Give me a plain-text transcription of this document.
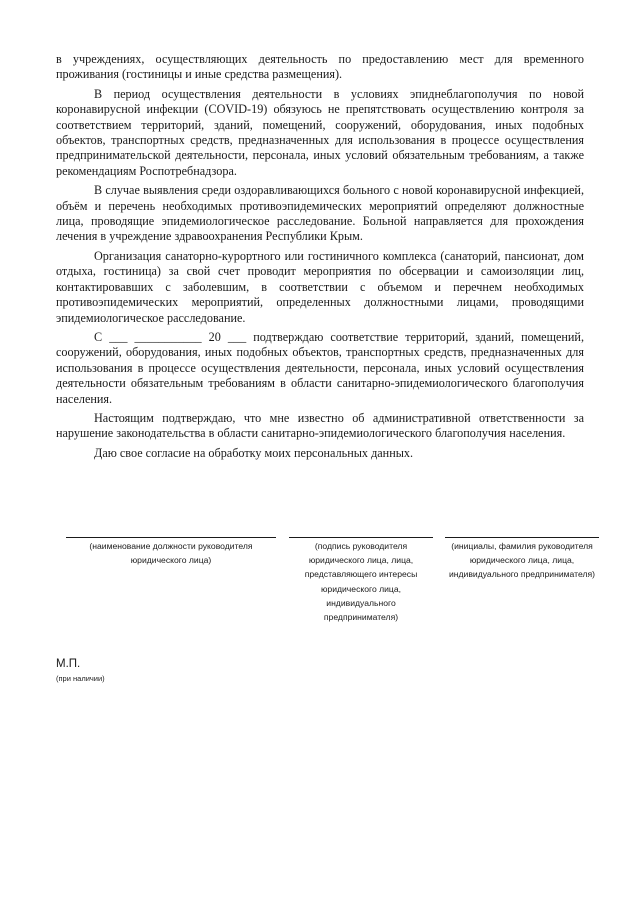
в учреждениях, осуществляющих деятельность по предоставлению мест для временного проживания (гостиницы и иные средства размещения).

В период осуществления деятельности в условиях эпиднеблагополучия по новой коронавирусной инфекции (COVID-19) обязуюсь не препятствовать осуществлению контроля за соответствием территорий, зданий, помещений, сооружений, оборудования, иных подобных объектов, транспортных средств, предназначенных для использования в процессе осуществления предпринимательской деятельности, персонала, иных условий обязательным требованиям, а также рекомендациям Роспотребнадзора.

В случае выявления среди оздоравливающихся больного с новой коронавирусной инфекцией, объём и перечень необходимых противоэпидемических мероприятий определяют должностные лица, проводящие эпидемиологическое расследование. Больной направляется для прохождения лечения в учреждение здравоохранения Республики Крым.

Организация санаторно-курортного или гостиничного комплекса (санаторий, пансионат, дом отдыха, гостиница) за свой счет проводит мероприятия по обсервации и самоизоляции лиц, контактировавших с заболевшим, в соответствии с объемом и перечнем необходимых противоэпидемических мероприятий, определенных должностными лицами, проводящими эпидемиологическое расследование.

С ___ ___________ 20 ___ подтверждаю соответствие территорий, зданий, помещений, сооружений, оборудования, иных подобных объектов, транспортных средств, предназначенных для использования в процессе осуществления деятельности, персонала, иных условий осуществления деятельности обязательным требованиям в области санитарно-эпидемиологического благополучия населения.

Настоящим подтверждаю, что мне известно об административной ответственности за нарушение законодательства в области санитарно-эпидемиологического благополучия населения.

Даю свое согласие на обработку моих персональных данных.

(наименование должности руководителя юридического лица)
(подпись руководителя юридического лица, лица, представляющего интересы юридического лица, индивидуального предпринимателя)
(инициалы, фамилия руководителя юридического лица, лица, индивидуального предпринимателя)
М.П.
(при наличии)
